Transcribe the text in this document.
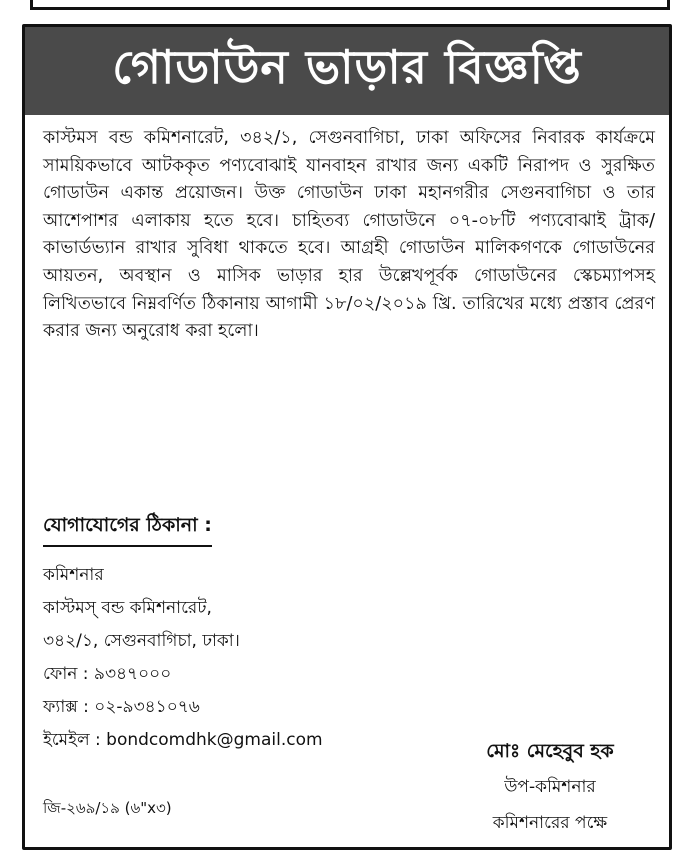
গোডাউন ভাড়ার বিজ্ঞপ্তি
কাস্টমস বন্ড কমিশনারেট, ৩৪২/১, সেগুনবাগিচা, ঢাকা অফিসের নিবারক কার্যক্রমে সাময়িকভাবে আটককৃত পণ্যবোঝাই যানবাহন রাখার জন্য একটি নিরাপদ ও সুরক্ষিত গোডাউন একান্ত প্রয়োজন। উক্ত গোডাউন ঢাকা মহানগরীর সেগুনবাগিচা ও তার আশেপাশর এলাকায় হতে হবে। চাহিতব্য গোডাউনে ০৭-০৮টি পণ্যবোঝাই ট্রাক/কাভার্ডভ্যান রাখার সুবিধা থাকতে হবে। আগ্রহী গোডাউন মালিকগণকে গোডাউনের আয়তন, অবস্থান ও মাসিক ভাড়ার হার উল্লেখপূর্বক গোডাউনের স্কেচম্যাপসহ লিখিতভাবে নিম্নবর্ণিত ঠিকানায় আগামী ১৮/০২/২০১৯ খ্রি. তারিখের মধ্যে প্রস্তাব প্রেরণ করার জন্য অনুরোধ করা হলো।
যোগাযোগের ঠিকানা :
কমিশনার
কাস্টমস্ বন্ড কমিশনারেট,
৩৪২/১, সেগুনবাগিচা, ঢাকা।
ফোন : ৯৩৪৭০০০
ফ্যাক্স : ০২-৯৩৪১০৭৬
ইমেইল : bondcomdhk@gmail.com	মোঃ মেহেবুব হক
উপ-কমিশনার
কমিশনারের পক্ষে
জি-২৬৯/১৯ (৬"x৩)
